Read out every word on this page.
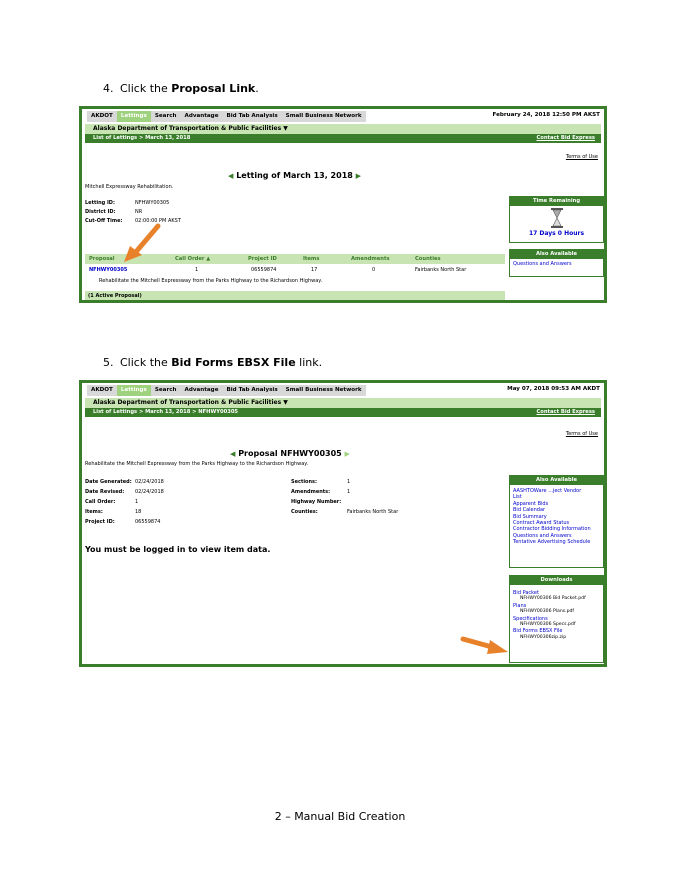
4. Click the Proposal Link.
AKDOT	Lettings	Search	Advantage	Bid Tab Analysis	Small Business Network	February 24, 2018 12:50 PM AKST
Alaska Department of Transportation & Public Facilities ▼
List of Lettings > March 13, 2018	Contact Bid Express
Terms of Use
◀ Letting of March 13, 2018 ▶
Mitchell Expressway Rehabilitation.
Letting ID:	NFHWY00305
District ID:	NR
Cut-Off Time:	02:00:00 PM AKST
Time Remaining
17 Days 0 Hours
Also Available
Questions and Answers
Proposal	Call Order ▲	Project ID	Items	Amendments	Counties
NFHWY00305	1	06559874	17	0	Fairbanks North Star
Rehabilitate the Mitchell Expressway from the Parks Highway to the Richardson Highway.
(1 Active Proposal)
5. Click the Bid Forms EBSX File link.
AKDOT	Lettings	Search	Advantage	Bid Tab Analysis	Small Business Network	May 07, 2018 09:53 AM AKDT
Alaska Department of Transportation & Public Facilities ▼
List of Lettings > March 13, 2018 > NFHWY00305	Contact Bid Express
Terms of Use
◀ Proposal NFHWY00305 ▶
Rehabilitate the Mitchell Expressway from the Parks Highway to the Richardson Highway.
Date Generated: 02/24/2018
Date Revised: 02/24/2018
Call Order:	1
Items:	18
Project ID:	06559874
Sections:	1
Amendments:	1
Highway Number:
Counties:	Fairbanks North Star
You must be logged in to view item data.
Also Available
AASHTOWare ...ject Vendor
List
Apparent Bids
Bid Calendar
Bid Summary
Contract Award Status
Contractor Bidding Information
Questions and Answers
Tentative Advertising Schedule
Downloads
Bid Packet
NFHWY00306 Bid Packet.pdf
Plans
NFHWY00306 Plans.pdf
Specifications
NFHWY00306 Specs.pdf
Bid Forms EBSX File
NFHWY00306zip.zip
2 – Manual Bid Creation
